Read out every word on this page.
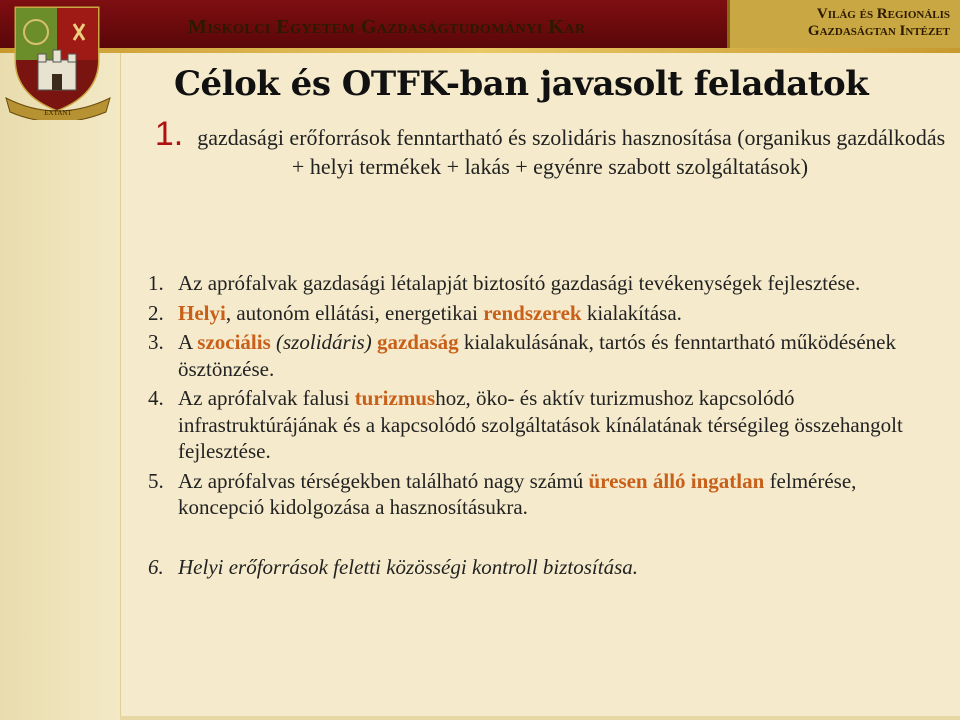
Miskolci Egyetem Gazdaságtudományi Kar
Világ és Regionális
Gazdaságtan Intézet
EXTANT
Célok és OTFK-ban javasolt feladatok
1. gazdasági erőforrások fenntartható és szolidáris hasznosítása (organikus gazdálkodás + helyi termékek + lakás + egyénre szabott szolgáltatások)
1. Az aprófalvak gazdasági létalapját biztosító gazdasági tevékenységek fejlesztése.
2. Helyi, autonóm ellátási, energetikai rendszerek kialakítása.
3. A szociális (szolidáris) gazdaság kialakulásának, tartós és fenntartható működésének ösztönzése.
4. Az aprófalvak falusi turizmushoz, öko- és aktív turizmushoz kapcsolódó infrastruktúrájának és a kapcsolódó szolgáltatások kínálatának térségileg összehangolt fejlesztése.
5. Az aprófalvas térségekben található nagy számú üresen álló ingatlan felmérése, koncepció kidolgozása a hasznosításukra.
6. Helyi erőforrások feletti közösségi kontroll biztosítása.
